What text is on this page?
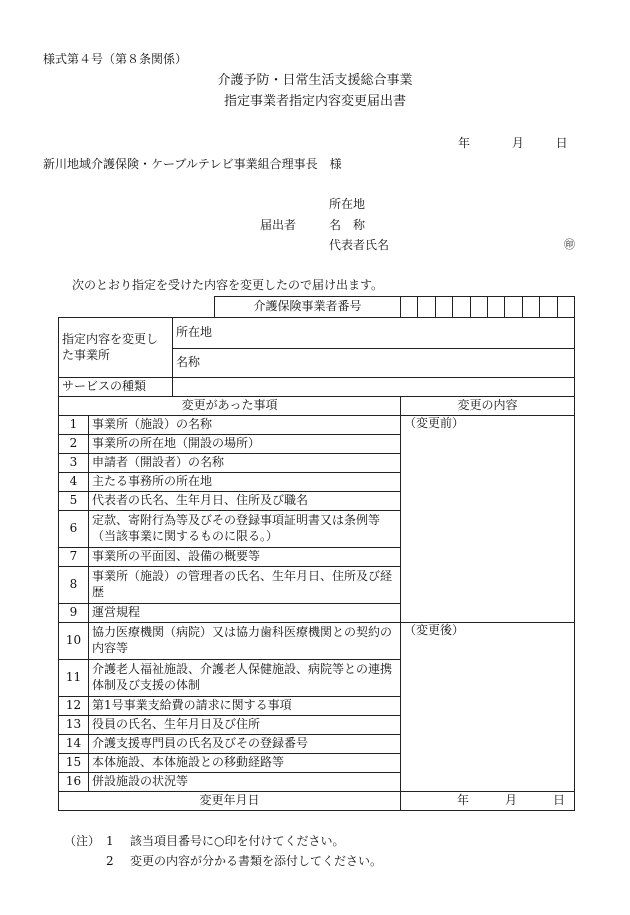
様式第４号（第８条関係）
介護予防・日常生活支援総合事業
指定事業者指定内容変更届出書
年	月	日
新川地域介護保険・ケーブルテレビ事業組合理事長　様
所在地
届出者	名　称
代表者氏名	㊞
次のとおり指定を受けた内容を変更したので届け出ます。
			介護保険事業者番号	

指定内容を変更した事業所		所在地		
		名称		
サービスの種類				
変更があった事項				変更の内容
1	事業所（施設）の名称			（変更前）
2	事業所の所在地（開設の場所）			
3	申請者（開設者）の名称			
4	主たる事務所の所在地			
5	代表者の氏名、生年月日、住所及び職名			
6	定款、寄附行為等及びその登録事項証明書又は条例等（当該事業に関するものに限る。）			
7	事業所の平面図、設備の概要等			
8	事業所（施設）の管理者の氏名、生年月日、住所及び経歴			
9	運営規程			
10	協力医療機関（病院）又は協力歯科医療機関との契約の内容等			（変更後）
11	介護老人福祉施設、介護老人保健施設、病院等との連携体制及び支援の体制			
12	第1号事業支給費の請求に関する事項			
13	役員の氏名、生年月日及び住所			
14	介護支援専門員の氏名及びその登録番号			
15	本体施設、本体施設との移動経路等			
16	併設施設の状況等			
変更年月日				年　　　月　　　日
（注） 1 該当項目番号に○印を付けてください。
2 変更の内容が分かる書類を添付してください。
